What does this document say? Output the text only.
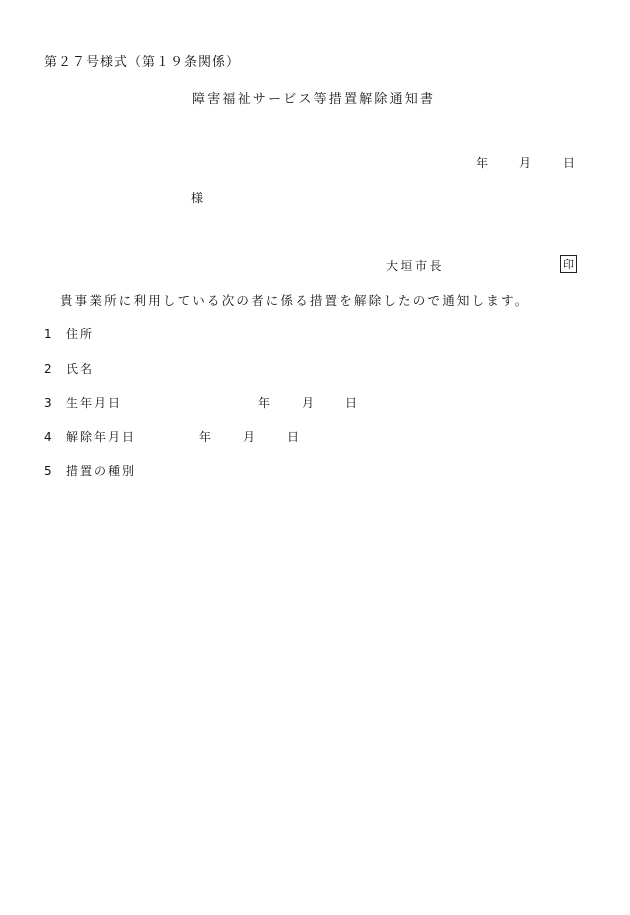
第２７号様式（第１９条関係）
障害福祉サービス等措置解除通知書
年	月	日
様
大垣市長	印
貴事業所に利用している次の者に係る措置を解除したので通知します。
1 住所
2 氏名
3 生年月日	年	月	日
4 解除年月日	年	月	日
5 措置の種別
